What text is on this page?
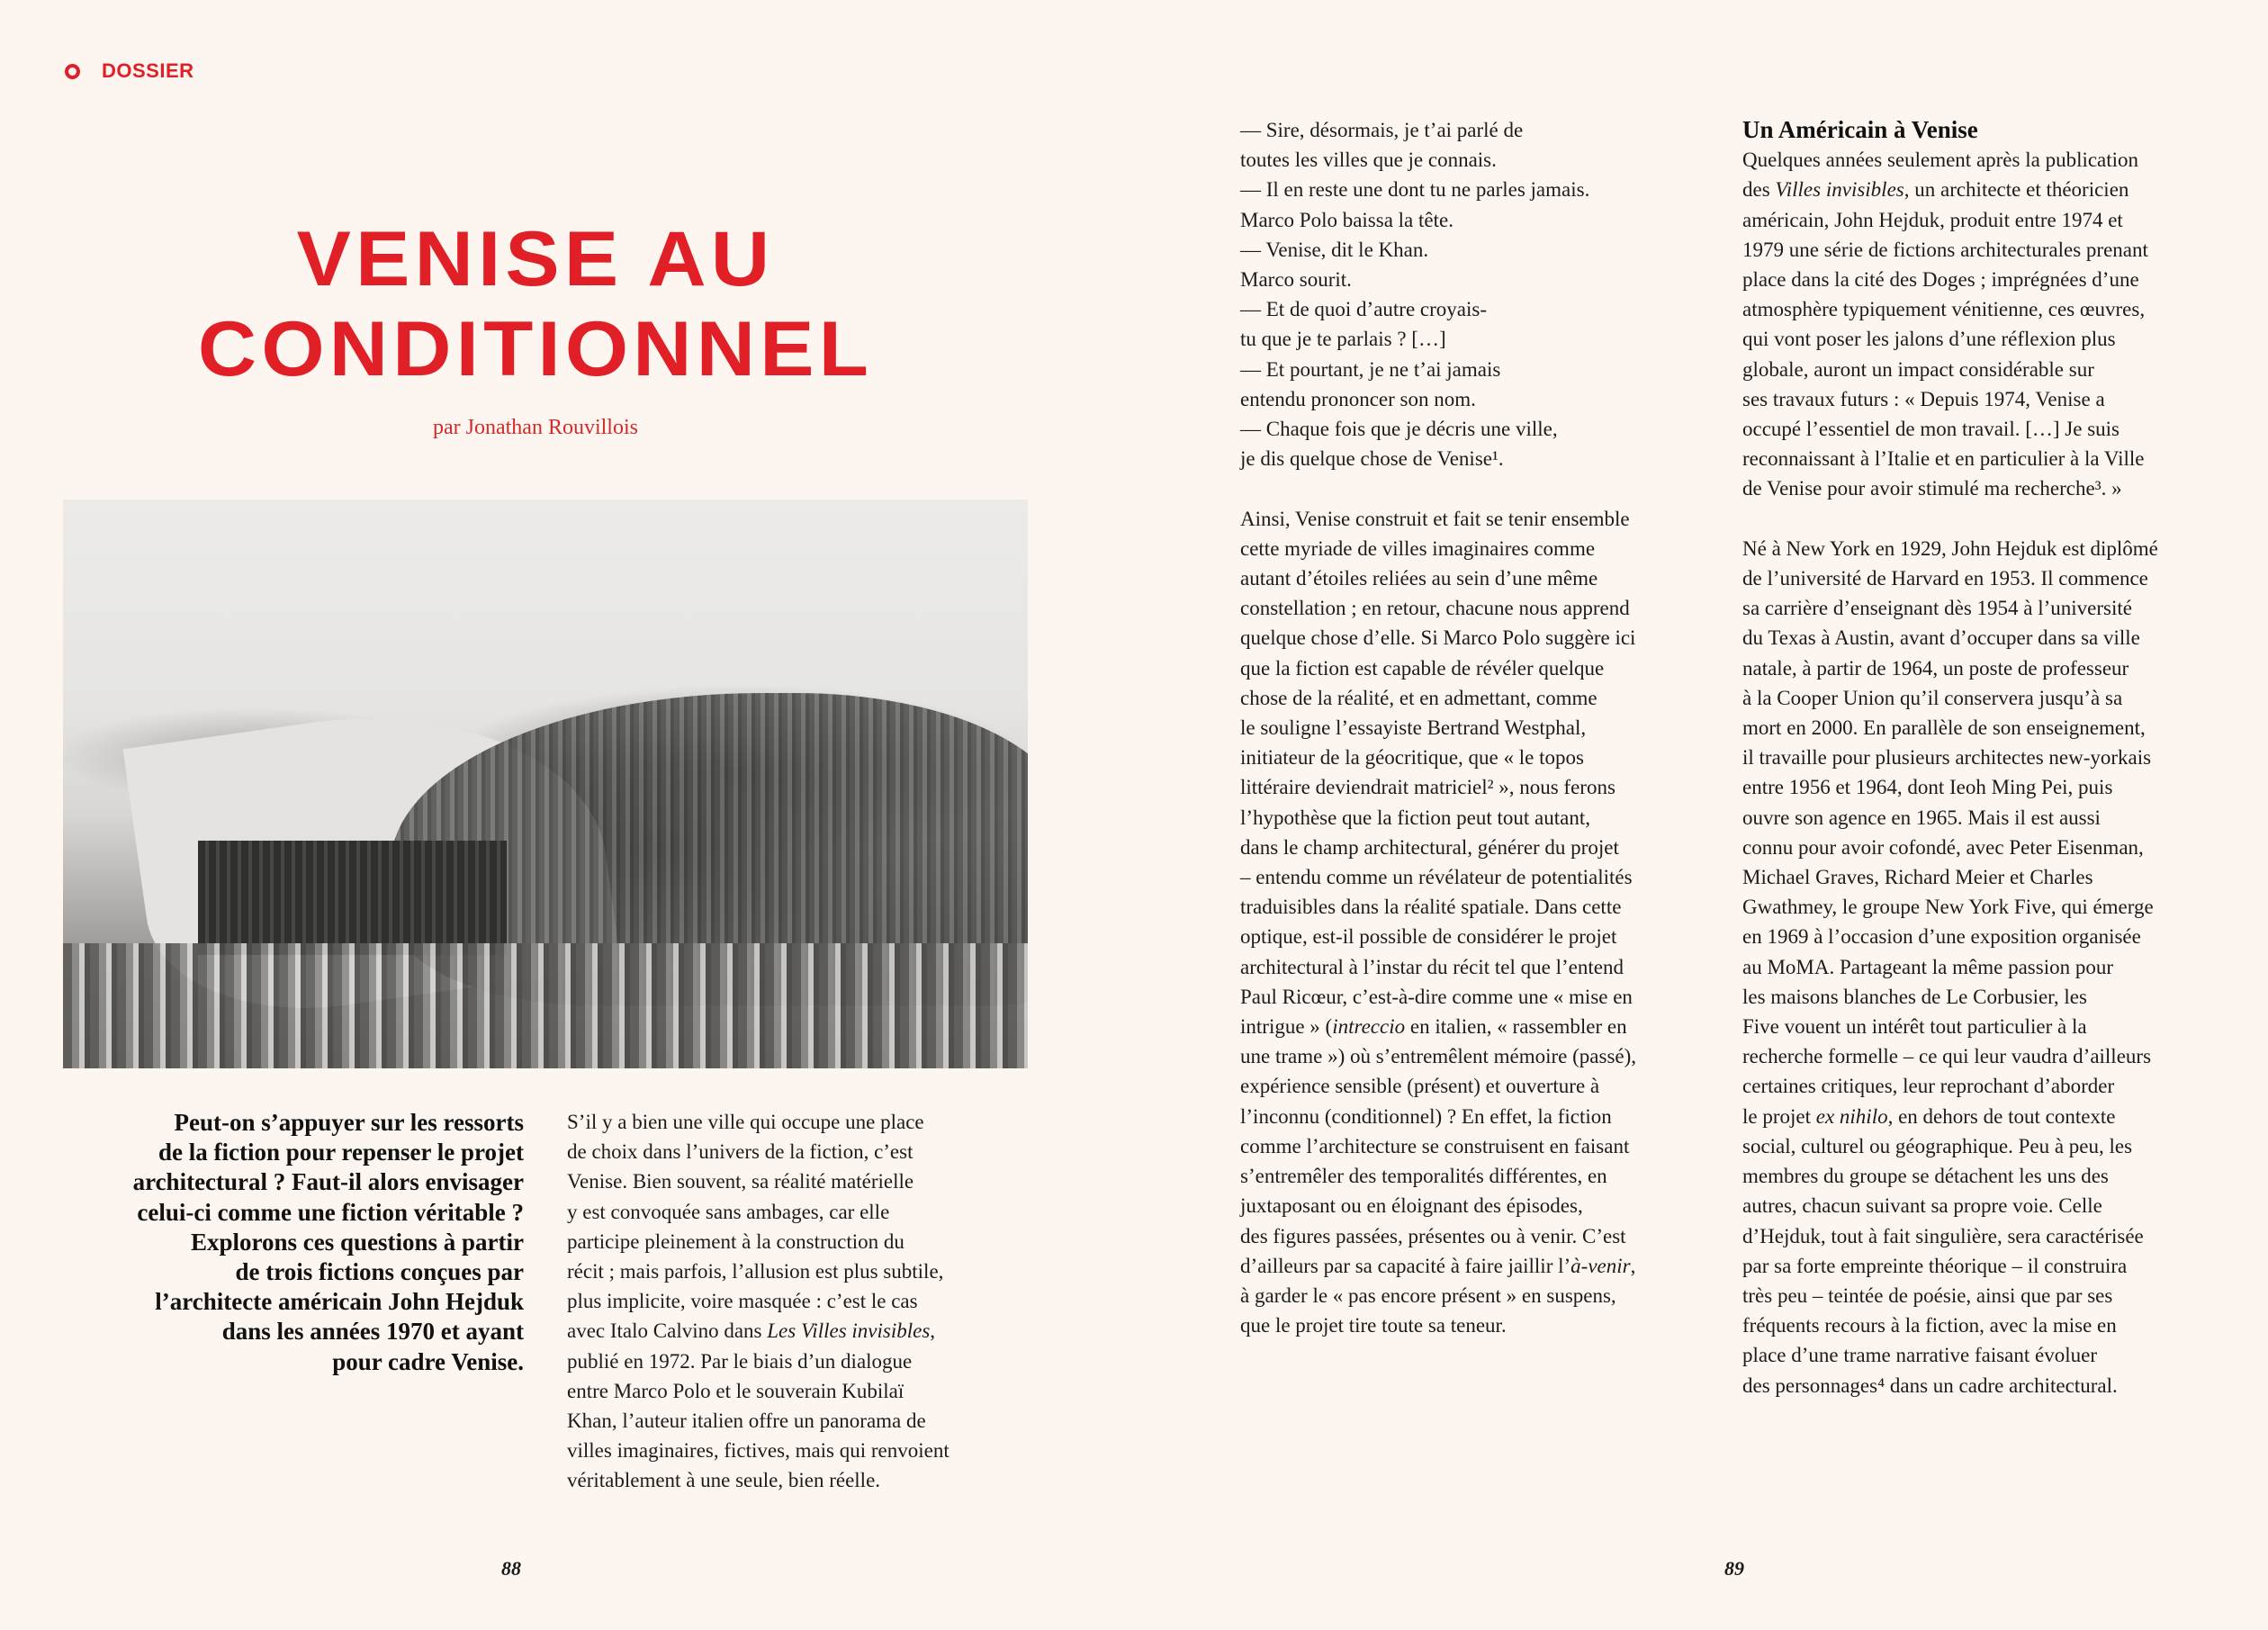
DOSSIER
VENISE AU
CONDITIONNEL
par Jonathan Rouvillois
Peut-on s’appuyer sur les ressorts
de la fiction pour repenser le projet
architectural ? Faut-il alors envisager
celui-ci comme une fiction véritable ?
Explorons ces questions à partir
de trois fictions conçues par
l’architecte américain John Hejduk
dans les années 1970 et ayant
pour cadre Venise.
S’il y a bien une ville qui occupe une place
de choix dans l’univers de la fiction, c’est
Venise. Bien souvent, sa réalité matérielle
y est convoquée sans ambages, car elle
participe pleinement à la construction du
récit ; mais parfois, l’allusion est plus subtile,
plus implicite, voire masquée : c’est le cas
avec Italo Calvino dans Les Villes invisibles,
publié en 1972. Par le biais d’un dialogue
entre Marco Polo et le souverain Kubilaï
Khan, l’auteur italien offre un panorama de
villes imaginaires, fictives, mais qui renvoient
véritablement à une seule, bien réelle.
— Sire, désormais, je t’ai parlé de
toutes les villes que je connais.
— Il en reste une dont tu ne parles jamais.
Marco Polo baissa la tête.
— Venise, dit le Khan.
Marco sourit.
— Et de quoi d’autre croyais-
tu que je te parlais ? […]
— Et pourtant, je ne t’ai jamais
entendu prononcer son nom.
— Chaque fois que je décris une ville,
je dis quelque chose de Venise¹.
Ainsi, Venise construit et fait se tenir ensemble
cette myriade de villes imaginaires comme
autant d’étoiles reliées au sein d’une même
constellation ; en retour, chacune nous apprend
quelque chose d’elle. Si Marco Polo suggère ici
que la fiction est capable de révéler quelque
chose de la réalité, et en admettant, comme
le souligne l’essayiste Bertrand Westphal,
initiateur de la géocritique, que « le topos
littéraire deviendrait matriciel² », nous ferons
l’hypothèse que la fiction peut tout autant,
dans le champ architectural, générer du projet
– entendu comme un révélateur de potentialités
traduisibles dans la réalité spatiale. Dans cette
optique, est-il possible de considérer le projet
architectural à l’instar du récit tel que l’entend
Paul Ricœur, c’est-à-dire comme une « mise en
intrigue » (intreccio en italien, « rassembler en
une trame ») où s’entremêlent mémoire (passé),
expérience sensible (présent) et ouverture à
l’inconnu (conditionnel) ? En effet, la fiction
comme l’architecture se construisent en faisant
s’entremêler des temporalités différentes, en
juxtaposant ou en éloignant des épisodes,
des figures passées, présentes ou à venir. C’est
d’ailleurs par sa capacité à faire jaillir l’à-venir,
à garder le « pas encore présent » en suspens,
que le projet tire toute sa teneur.
Un Américain à Venise
Quelques années seulement après la publication
des Villes invisibles, un architecte et théoricien
américain, John Hejduk, produit entre 1974 et
1979 une série de fictions architecturales prenant
place dans la cité des Doges ; imprégnées d’une
atmosphère typiquement vénitienne, ces œuvres,
qui vont poser les jalons d’une réflexion plus
globale, auront un impact considérable sur
ses travaux futurs : « Depuis 1974, Venise a
occupé l’essentiel de mon travail. […] Je suis
reconnaissant à l’Italie et en particulier à la Ville
de Venise pour avoir stimulé ma recherche³. »
Né à New York en 1929, John Hejduk est diplômé
de l’université de Harvard en 1953. Il commence
sa carrière d’enseignant dès 1954 à l’université
du Texas à Austin, avant d’occuper dans sa ville
natale, à partir de 1964, un poste de professeur
à la Cooper Union qu’il conservera jusqu’à sa
mort en 2000. En parallèle de son enseignement,
il travaille pour plusieurs architectes new-yorkais
entre 1956 et 1964, dont Ieoh Ming Pei, puis
ouvre son agence en 1965. Mais il est aussi
connu pour avoir cofondé, avec Peter Eisenman,
Michael Graves, Richard Meier et Charles
Gwathmey, le groupe New York Five, qui émerge
en 1969 à l’occasion d’une exposition organisée
au MoMA. Partageant la même passion pour
les maisons blanches de Le Corbusier, les
Five vouent un intérêt tout particulier à la
recherche formelle – ce qui leur vaudra d’ailleurs
certaines critiques, leur reprochant d’aborder
le projet ex nihilo, en dehors de tout contexte
social, culturel ou géographique. Peu à peu, les
membres du groupe se détachent les uns des
autres, chacun suivant sa propre voie. Celle
d’Hejduk, tout à fait singulière, sera caractérisée
par sa forte empreinte théorique – il construira
très peu – teintée de poésie, ainsi que par ses
fréquents recours à la fiction, avec la mise en
place d’une trame narrative faisant évoluer
des personnages⁴ dans un cadre architectural.
88	89
